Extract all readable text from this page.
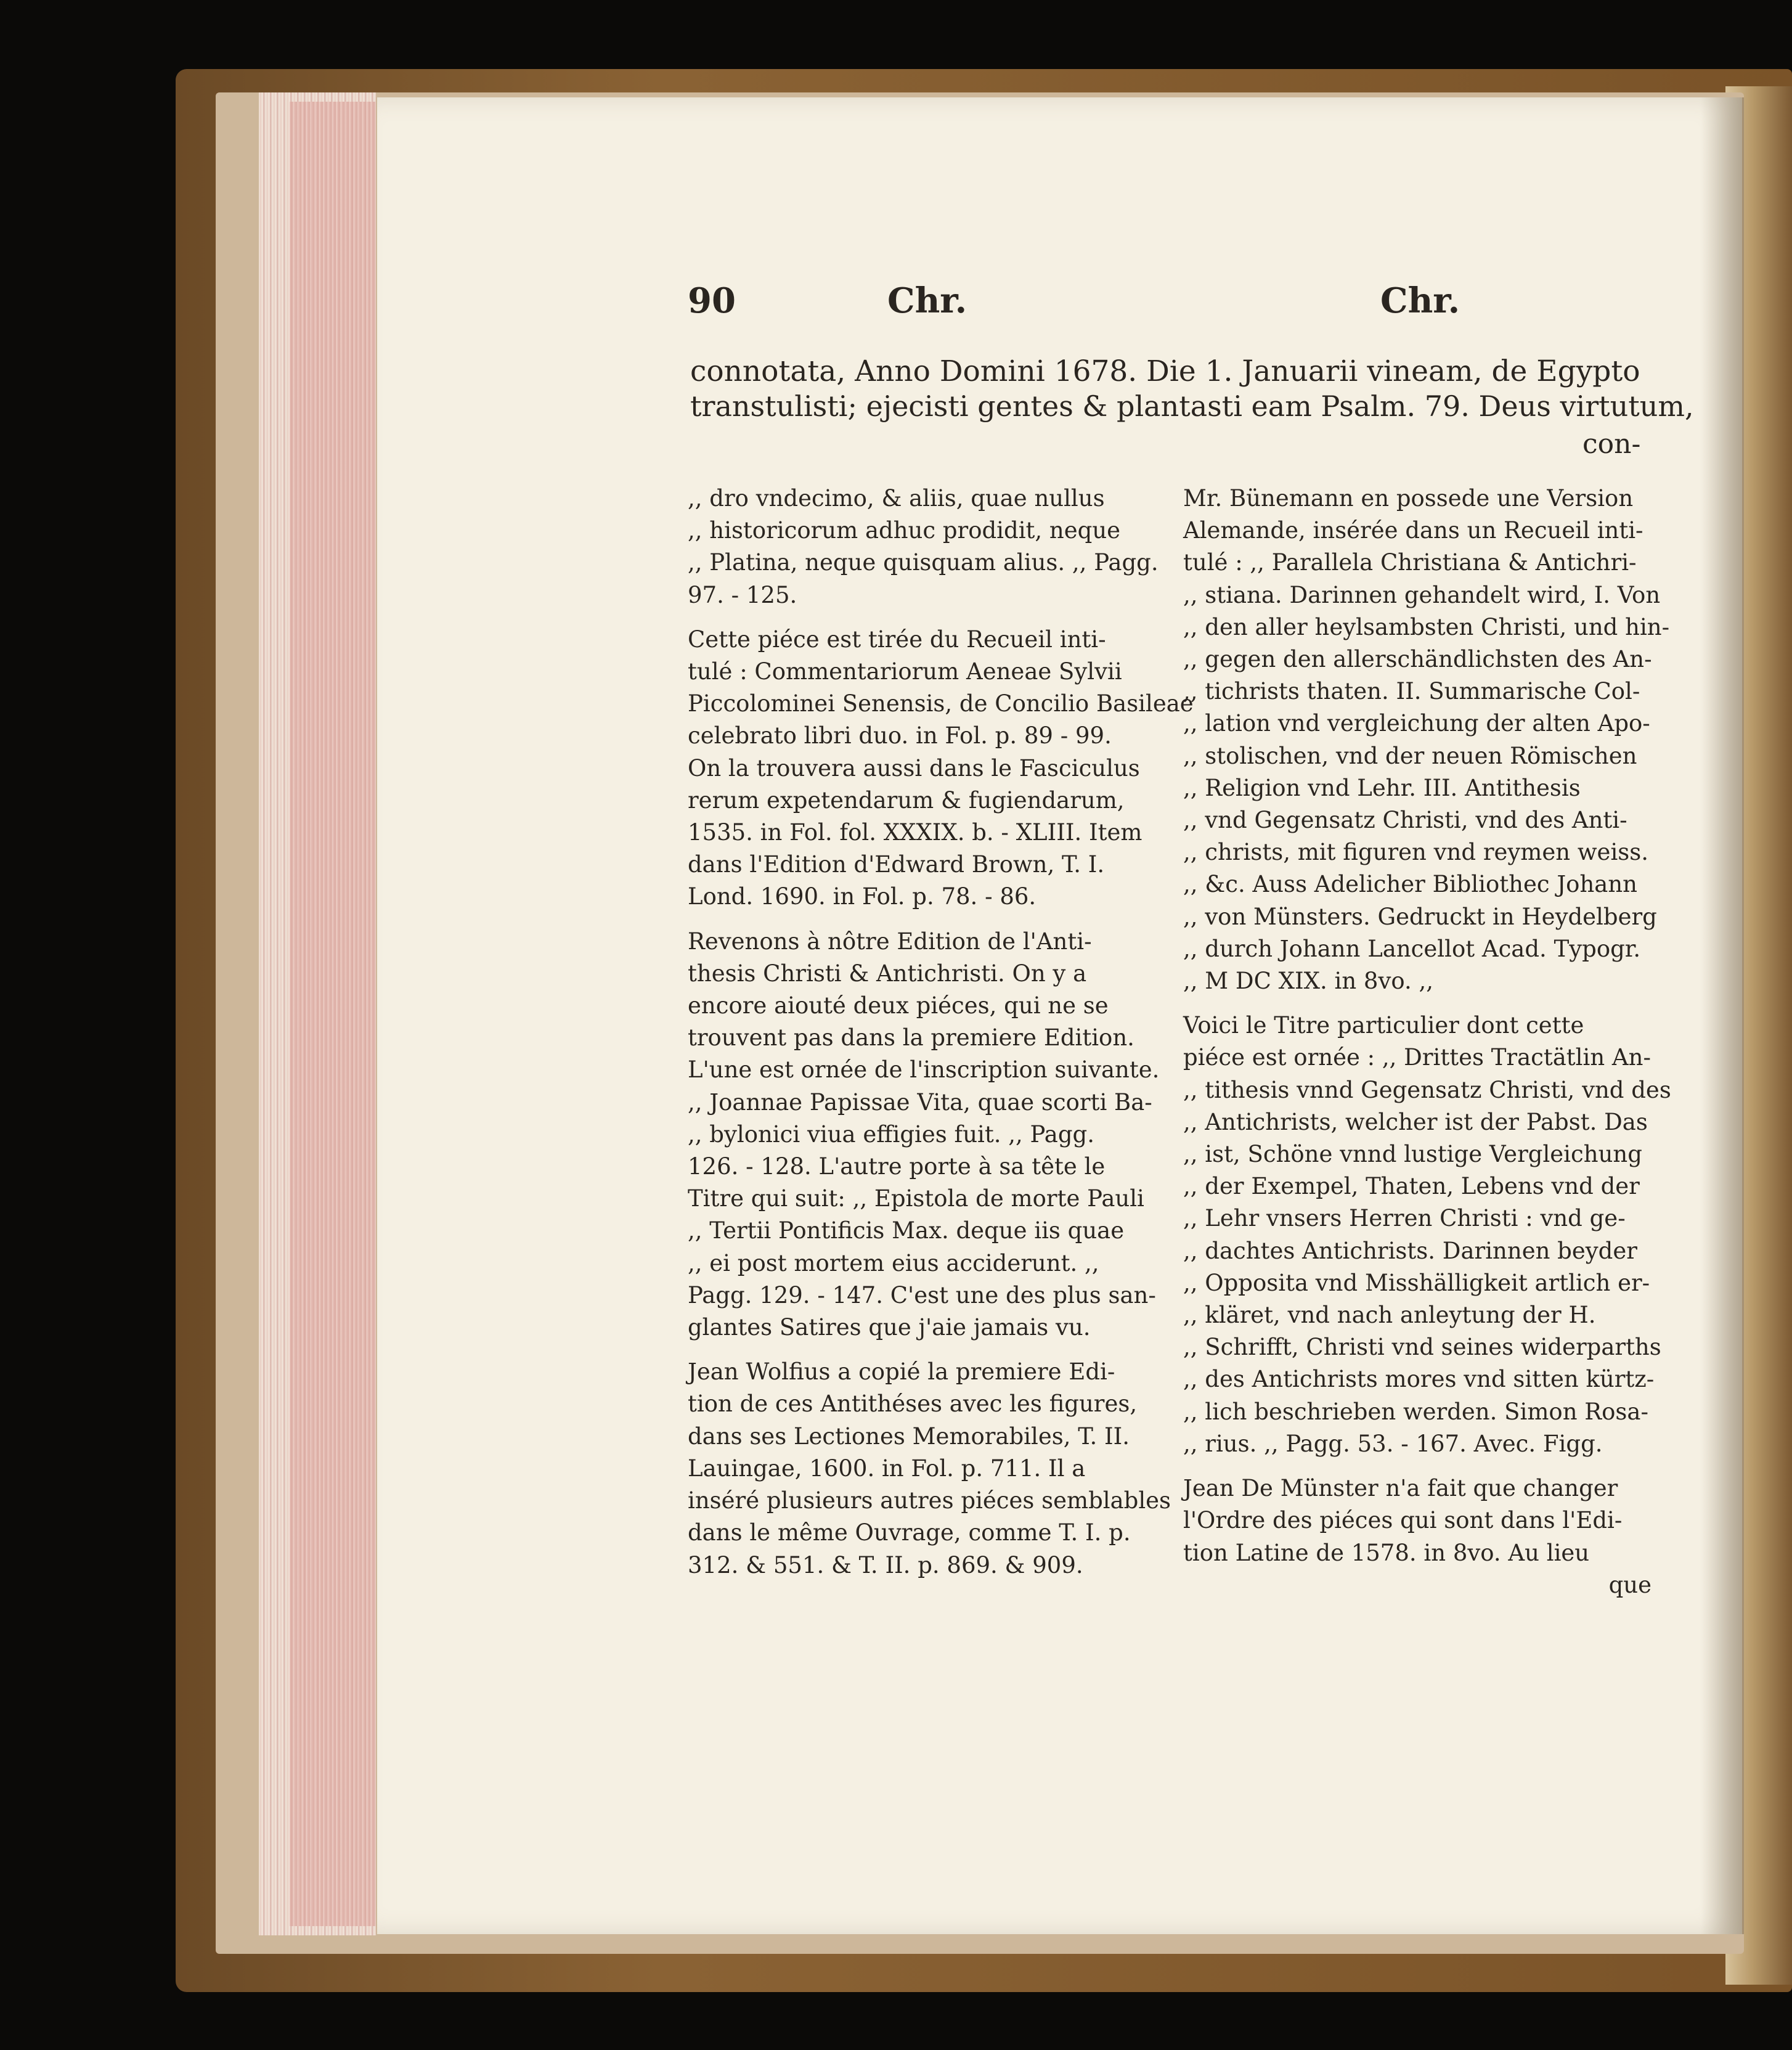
90	Chr.	Chr.
connotata, Anno Domini 1678. Die 1. Januarii vineam, de Egypto
transtulisti; ejecisti gentes & plantasti eam Psalm. 79. Deus virtutum,
con-

,, dro vndecimo, & aliis, quae nullus

,, historicorum adhuc prodidit, neque

,, Platina, neque quisquam alius. ,, Pagg.

97. - 125.

Cette piéce est tirée du Recueil inti-

tulé : Commentariorum Aeneae Sylvii

Piccolominei Senensis, de Concilio Basileae

celebrato libri duo. in Fol. p. 89 - 99.

On la trouvera aussi dans le Fasciculus

rerum expetendarum & fugiendarum,

1535. in Fol. fol. XXXIX. b. - XLIII. Item

dans l'Edition d'Edward Brown, T. I.

Lond. 1690. in Fol. p. 78. - 86.

Revenons à nôtre Edition de l'Anti-

thesis Christi & Antichristi. On y a

encore aiouté deux piéces, qui ne se

trouvent pas dans la premiere Edition.

L'une est ornée de l'inscription suivante.

,, Joannae Papissae Vita, quae scorti Ba-

,, bylonici viua effigies fuit. ,, Pagg.

126. - 128. L'autre porte à sa tête le

Titre qui suit: ,, Epistola de morte Pauli

,, Tertii Pontificis Max. deque iis quae

,, ei post mortem eius acciderunt. ,,

Pagg. 129. - 147. C'est une des plus san-

glantes Satires que j'aie jamais vu.

Jean Wolfius a copié la premiere Edi-

tion de ces Antithéses avec les figures,

dans ses Lectiones Memorabiles, T. II.

Lauingae, 1600. in Fol. p. 711. Il a

inséré plusieurs autres piéces semblables

dans le même Ouvrage, comme T. I. p.

312. & 551. & T. II. p. 869. & 909.

Mr. Bünemann en possede une Version

Alemande, insérée dans un Recueil inti-

tulé : ,, Parallela Christiana & Antichri-

,, stiana. Darinnen gehandelt wird, I. Von

,, den aller heylsambsten Christi, und hin-

,, gegen den allerschändlichsten des An-

,, tichrists thaten. II. Summarische Col-

,, lation vnd vergleichung der alten Apo-

,, stolischen, vnd der neuen Römischen

,, Religion vnd Lehr. III. Antithesis

,, vnd Gegensatz Christi, vnd des Anti-

,, christs, mit figuren vnd reymen weiss.

,, &c. Auss Adelicher Bibliothec Johann

,, von Münsters. Gedruckt in Heydelberg

,, durch Johann Lancellot Acad. Typogr.

,, M DC XIX. in 8vo. ,,

Voici le Titre particulier dont cette

piéce est ornée : ,, Drittes Tractätlin An-

,, tithesis vnnd Gegensatz Christi, vnd des

,, Antichrists, welcher ist der Pabst. Das

,, ist, Schöne vnnd lustige Vergleichung

,, der Exempel, Thaten, Lebens vnd der

,, Lehr vnsers Herren Christi : vnd ge-

,, dachtes Antichrists. Darinnen beyder

,, Opposita vnd Misshälligkeit artlich er-

,, kläret, vnd nach anleytung der H.

,, Schrifft, Christi vnd seines widerparths

,, des Antichrists mores vnd sitten kürtz-

,, lich beschrieben werden. Simon Rosa-

,, rius. ,, Pagg. 53. - 167. Avec. Figg.

Jean De Münster n'a fait que changer

l'Ordre des piéces qui sont dans l'Edi-

tion Latine de 1578. in 8vo. Au lieu

que
